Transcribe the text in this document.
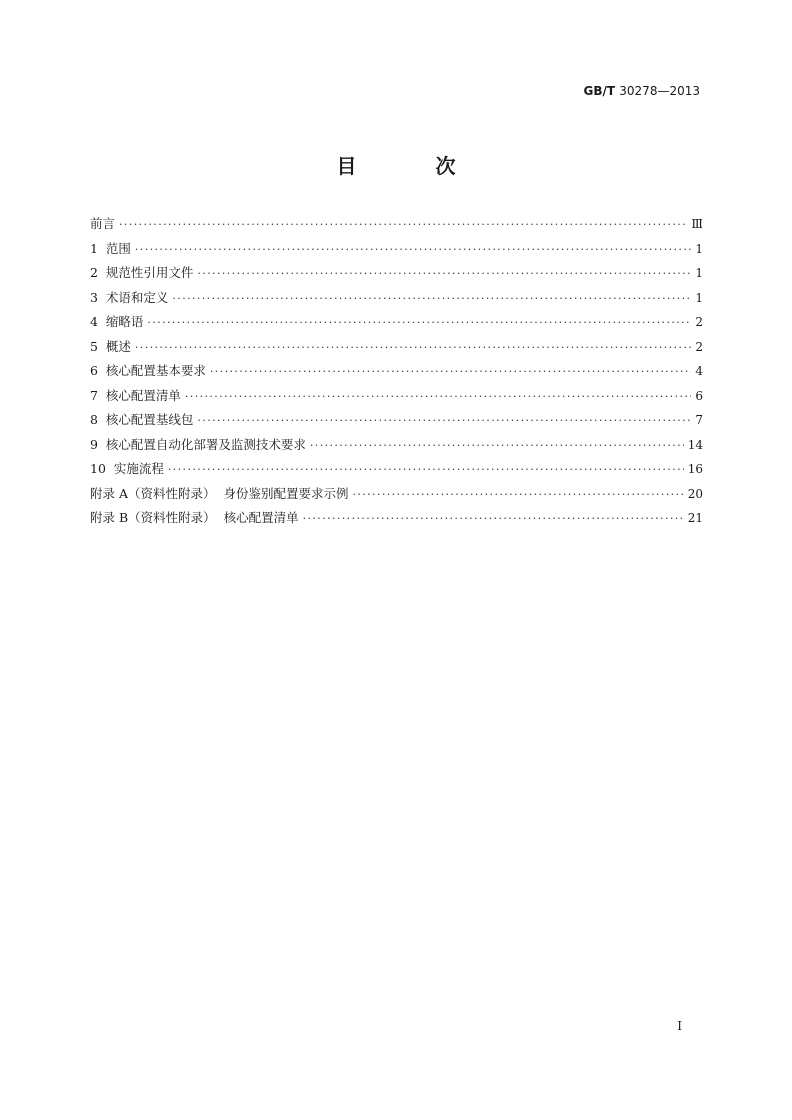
GB/T 30278—2013
目 次
前言 ·····	Ⅲ
1  范围 ·····	1
2  规范性引用文件 ·····	1
3  术语和定义 ·····	1
4  缩略语 ·····	2
5  概述 ·····	2
6  核心配置基本要求 ·····	4
7  核心配置清单 ·····	6
8  核心配置基线包 ·····	7
9  核心配置自动化部署及监测技术要求 ·····	14
10  实施流程 ·····	16
附录 A（资料性附录）  身份鉴别配置要求示例 ·····	20
附录 B（资料性附录）  核心配置清单 ·····	21
Ⅰ
